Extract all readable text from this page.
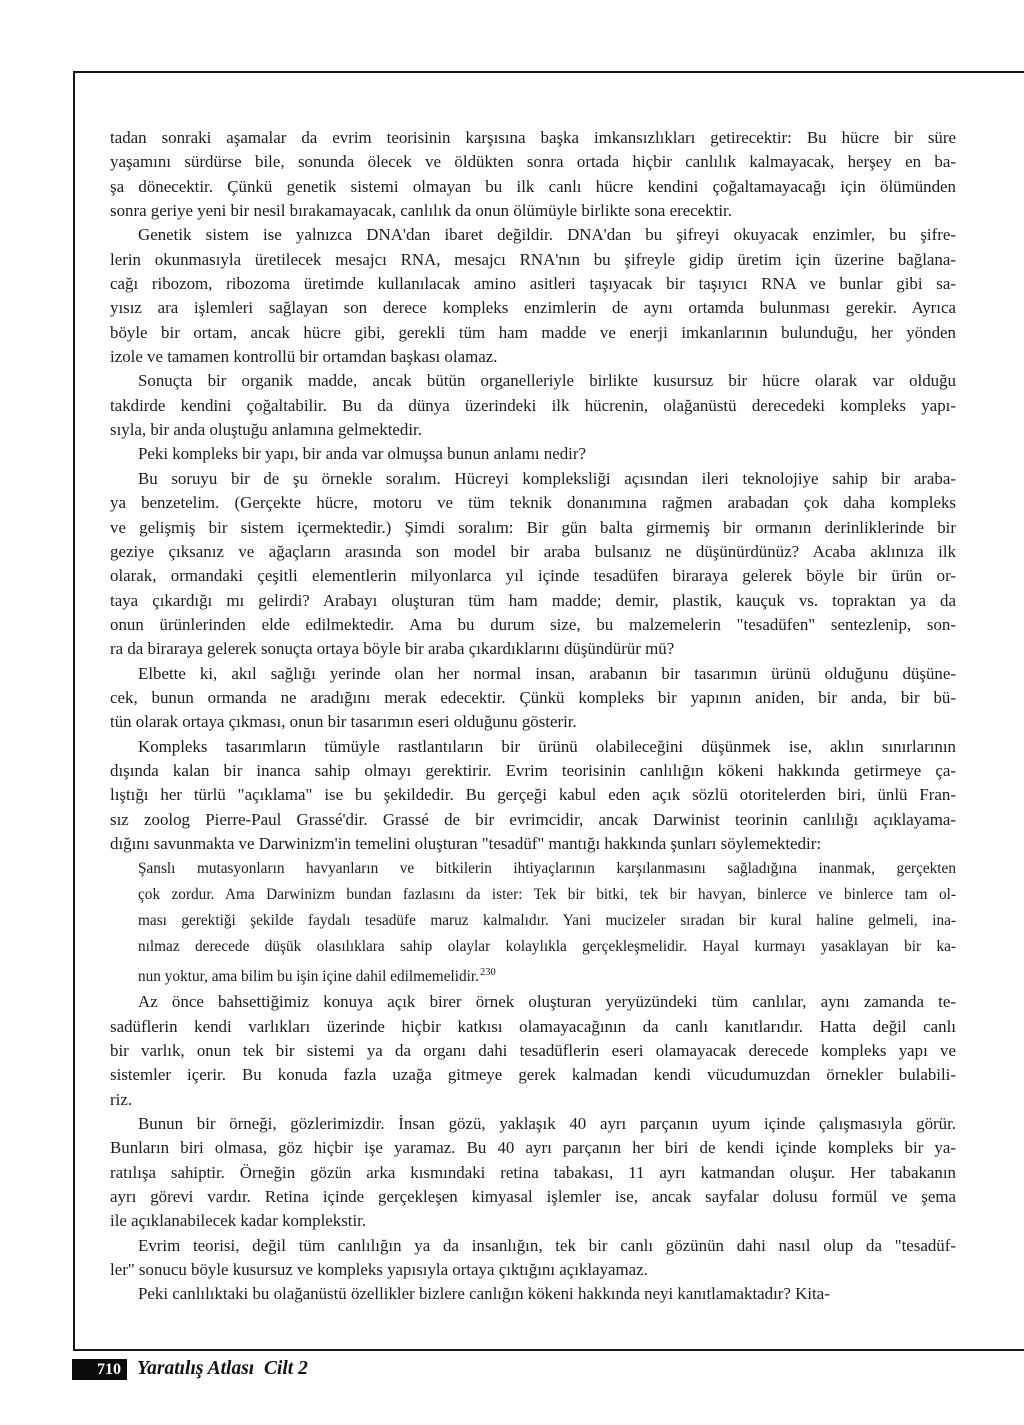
tadan sonraki aşamalar da evrim teorisinin karşısına başka imkansızlıkları getirecektir: Bu hücre bir süre
yaşamını sürdürse bile, sonunda ölecek ve öldükten sonra ortada hiçbir canlılık kalmayacak, herşey en ba-
şa dönecektir. Çünkü genetik sistemi olmayan bu ilk canlı hücre kendini çoğaltamayacağı için ölümünden
sonra geriye yeni bir nesil bırakamayacak, canlılık da onun ölümüyle birlikte sona erecektir.
Genetik sistem ise yalnızca DNA'dan ibaret değildir. DNA'dan bu şifreyi okuyacak enzimler, bu şifre-
lerin okunmasıyla üretilecek mesajcı RNA, mesajcı RNA'nın bu şifreyle gidip üretim için üzerine bağlana-
cağı ribozom, ribozoma üretimde kullanılacak amino asitleri taşıyacak bir taşıyıcı RNA ve bunlar gibi sa-
yısız ara işlemleri sağlayan son derece kompleks enzimlerin de aynı ortamda bulunması gerekir. Ayrıca
böyle bir ortam, ancak hücre gibi, gerekli tüm ham madde ve enerji imkanlarının bulunduğu, her yönden
izole ve tamamen kontrollü bir ortamdan başkası olamaz.
Sonuçta bir organik madde, ancak bütün organelleriyle birlikte kusursuz bir hücre olarak var olduğu
takdirde kendini çoğaltabilir. Bu da dünya üzerindeki ilk hücrenin, olağanüstü derecedeki kompleks yapı-
sıyla, bir anda oluştuğu anlamına gelmektedir.
Peki kompleks bir yapı, bir anda var olmuşsa bunun anlamı nedir?
Bu soruyu bir de şu örnekle soralım. Hücreyi kompleksliği açısından ileri teknolojiye sahip bir araba-
ya benzetelim. (Gerçekte hücre, motoru ve tüm teknik donanımına rağmen arabadan çok daha kompleks
ve gelişmiş bir sistem içermektedir.) Şimdi soralım: Bir gün balta girmemiş bir ormanın derinliklerinde bir
geziye çıksanız ve ağaçların arasında son model bir araba bulsanız ne düşünürdünüz? Acaba aklınıza ilk
olarak, ormandaki çeşitli elementlerin milyonlarca yıl içinde tesadüfen biraraya gelerek böyle bir ürün or-
taya çıkardığı mı gelirdi? Arabayı oluşturan tüm ham madde; demir, plastik, kauçuk vs. topraktan ya da
onun ürünlerinden elde edilmektedir. Ama bu durum size, bu malzemelerin "tesadüfen" sentezlenip, son-
ra da biraraya gelerek sonuçta ortaya böyle bir araba çıkardıklarını düşündürür mü?
Elbette ki, akıl sağlığı yerinde olan her normal insan, arabanın bir tasarımın ürünü olduğunu düşüne-
cek, bunun ormanda ne aradığını merak edecektir. Çünkü kompleks bir yapının aniden, bir anda, bir bü-
tün olarak ortaya çıkması, onun bir tasarımın eseri olduğunu gösterir.
Kompleks tasarımların tümüyle rastlantıların bir ürünü olabileceğini düşünmek ise, aklın sınırlarının
dışında kalan bir inanca sahip olmayı gerektirir. Evrim teorisinin canlılığın kökeni hakkında getirmeye ça-
lıştığı her türlü "açıklama" ise bu şekildedir. Bu gerçeği kabul eden açık sözlü otoritelerden biri, ünlü Fran-
sız zoolog Pierre-Paul Grassé'dir. Grassé de bir evrimcidir, ancak Darwinist teorinin canlılığı açıklayama-
dığını savunmakta ve Darwinizm'in temelini oluşturan "tesadüf" mantığı hakkında şunları söylemektedir:
Şanslı mutasyonların havyanların ve bitkilerin ihtiyaçlarının karşılanmasını sağladığına inanmak, gerçekten
çok zordur. Ama Darwinizm bundan fazlasını da ister: Tek bir bitki, tek bir havyan, binlerce ve binlerce tam ol-
ması gerektiği şekilde faydalı tesadüfe maruz kalmalıdır. Yani mucizeler sıradan bir kural haline gelmeli, ina-
nılmaz derecede düşük olasılıklara sahip olaylar kolaylıkla gerçekleşmelidir. Hayal kurmayı yasaklayan bir ka-
nun yoktur, ama bilim bu işin içine dahil edilmemelidir.$^{230}$
Az önce bahsettiğimiz konuya açık birer örnek oluşturan yeryüzündeki tüm canlılar, aynı zamanda te-
sadüflerin kendi varlıkları üzerinde hiçbir katkısı olamayacağının da canlı kanıtlarıdır. Hatta değil canlı
bir varlık, onun tek bir sistemi ya da organı dahi tesadüflerin eseri olamayacak derecede kompleks yapı ve
sistemler içerir. Bu konuda fazla uzağa gitmeye gerek kalmadan kendi vücudumuzdan örnekler bulabili-
riz.
Bunun bir örneği, gözlerimizdir. İnsan gözü, yaklaşık 40 ayrı parçanın uyum içinde çalışmasıyla görür.
Bunların biri olmasa, göz hiçbir işe yaramaz. Bu 40 ayrı parçanın her biri de kendi içinde kompleks bir ya-
ratılışa sahiptir. Örneğin gözün arka kısmındaki retina tabakası, 11 ayrı katmandan oluşur. Her tabakanın
ayrı görevi vardır. Retina içinde gerçekleşen kimyasal işlemler ise, ancak sayfalar dolusu formül ve şema
ile açıklanabilecek kadar komplekstir.
Evrim teorisi, değil tüm canlılığın ya da insanlığın, tek bir canlı gözünün dahi nasıl olup da "tesadüf-
ler" sonucu böyle kusursuz ve kompleks yapısıyla ortaya çıktığını açıklayamaz.
Peki canlılıktaki bu olağanüstü özellikler bizlere canlığın kökeni hakkında neyi kanıtlamaktadır? Kita-
710 Yaratılış Atlası  Cilt 2
